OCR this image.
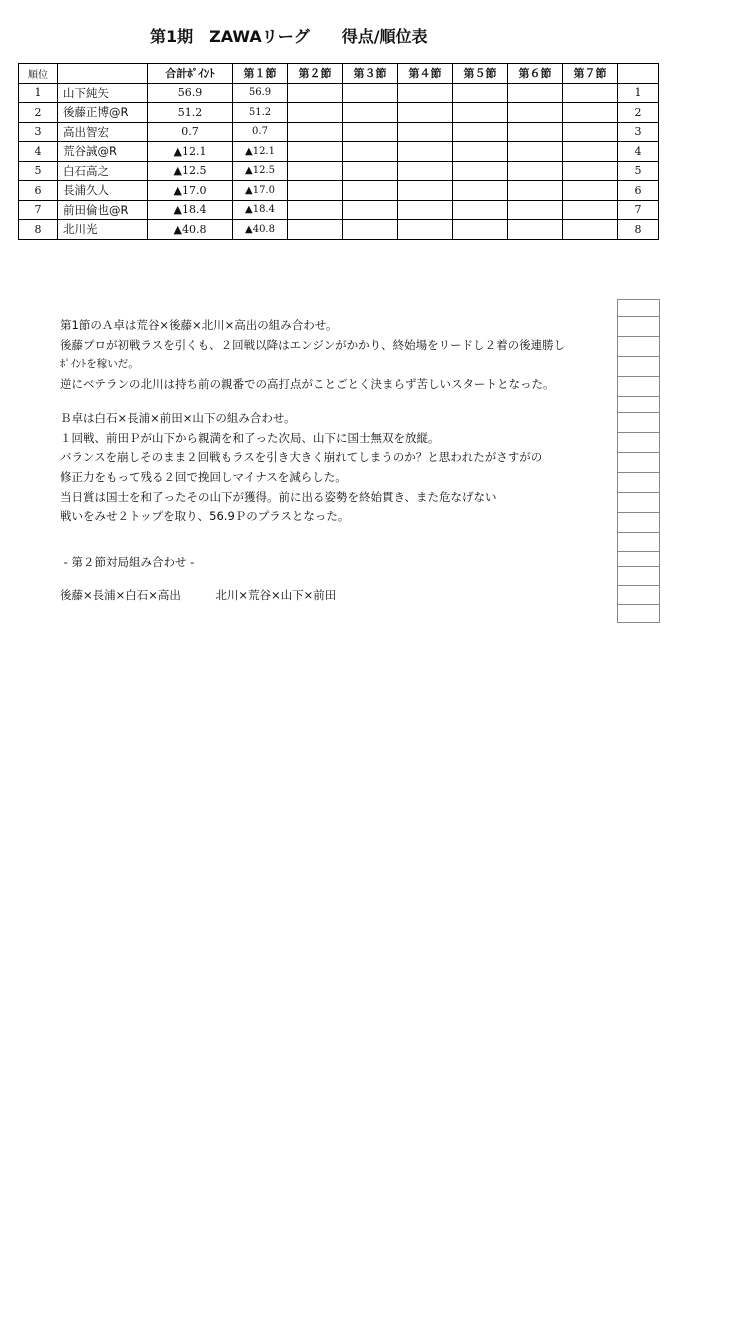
第1期　ZAWAリーグ　　得点/順位表
順位		合計ﾎﾟｲﾝﾄ	第１節	第２節	第３節	第４節	第５節	第６節	第７節	
1	山下純矢	56.9	56.9							1
2	後藤正博@R	51.2	51.2							2
3	高出智宏	0.7	0.7							3
4	荒谷誠@R	▲12.1	▲12.1							4
5	白石高之	▲12.5	▲12.5							5
6	長浦久人	▲17.0	▲17.0							6
7	前田倫也@R	▲18.4	▲18.4							7
8	北川光	▲40.8	▲40.8							8

第1節のＡ卓は荒谷×後藤×北川×高出の組み合わせ。

後藤プロが初戦ラスを引くも、２回戦以降はエンジンがかかり、終始場をリードし２着の後連勝し

ﾎﾟｲﾝﾄを稼いだ。

逆にベテランの北川は持ち前の親番での高打点がことごとく決まらず苦しいスタートとなった。

Ｂ卓は白石×長浦×前田×山下の組み合わせ。

１回戦、前田Ｐが山下から親満を和了った次局、山下に国士無双を放縦。

バランスを崩しそのまま２回戦もラスを引き大きく崩れてしまうのか？と思われたがさすがの

修正力をもって残る２回で挽回しマイナスを減らした。

当日賞は国士を和了ったその山下が獲得。前に出る姿勢を終始貫き、また危なげない

戦いをみせ２トップを取り、56.9Ｐのプラスとなった。

- 第２節対局組み合わせ -

後藤×長浦×白石×高出　　　北川×荒谷×山下×前田
